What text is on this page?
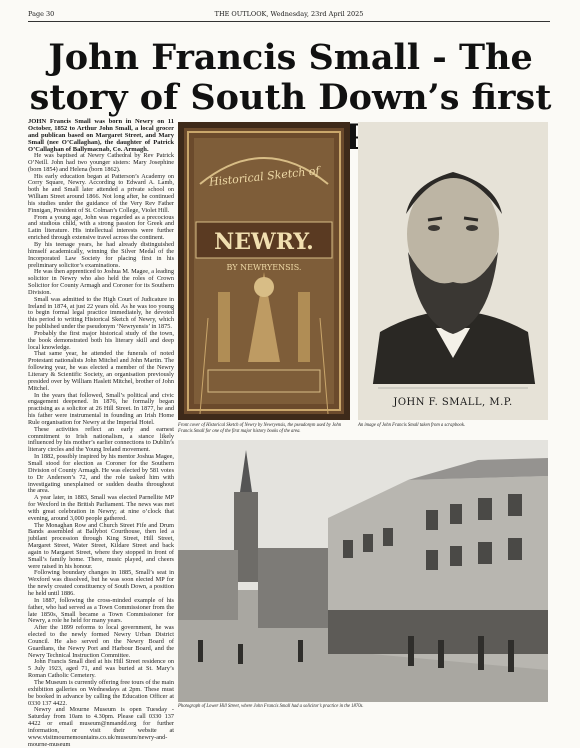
Page 30	THE OUTLOOK, Wednesday, 23rd April 2025
John Francis Small - The story of South Down’s first

JOHN Francis Small was born in Newry on 11 October, 1852 to Arthur John Small, a local grocer and publican based on Margaret Street, and Mary Small (nee O’Callaghan), the daughter of Patrick O’Callaghan of Ballymacnab, Co. Armagh.

He was baptised at Newry Cathedral by Rev Patrick O’Neill. John had two younger sisters: Mary Josephine (born 1854) and Helena (born 1862).

His early education began at Patterson’s Academy on Corry Square, Newry. According to Edward A. Lamb, both he and Small later attended a private school on William Street around 1866. Not long after, he continued his studies under the guidance of the Very Rev Father Finnigan, President of St. Colman’s College, Violet Hill.

From a young age, John was regarded as a precocious and studious child, with a strong passion for Greek and Latin literature. His intellectual interests were further enriched through extensive travel across the continent.

By his teenage years, he had already distinguished himself academically, winning the Silver Medal of the Incorporated Law Society for placing first in his preliminary solicitor’s examinations.

He was then apprenticed to Joshua M. Magee, a leading solicitor in Newry who also held the roles of Crown Solicitor for County Armagh and Coroner for its Southern Division.

Small was admitted to the High Court of Judicature in Ireland in 1874, at just 22 years old. As he was too young to begin formal legal practice immediately, he devoted this period to writing Historical Sketch of Newry, which he published under the pseudonym ‘Newryensis’ in 1875.

Probably the first major historical study of the town, the book demonstrated both his literary skill and deep local knowledge.

That same year, he attended the funerals of noted Protestant nationalists John Mitchel and John Martin. The following year, he was elected a member of the Newry Literary & Scientific Society, an organisation previously presided over by William Haslett Mitchel, brother of John Mitchel.

In the years that followed, Small’s political and civic engagement deepened. In 1876, he formally began practising as a solicitor at 26 Hill Street. In 1877, he and his father were instrumental in founding an Irish Home Rule organisation for Newry at the Imperial Hotel.

These activities reflect an early and earnest commitment to Irish nationalism, a stance likely influenced by his mother’s earlier connections to Dublin’s literary circles and the Young Ireland movement.

In 1882, possibly inspired by his mentor Joshua Magee, Small stood for election as Coroner for the Southern Division of County Armagh. He was elected by 581 votes to Dr Anderson’s 72, and the role tasked him with investigating unexplained or sudden deaths throughout the area.

A year later, in 1883, Small was elected Parnellite MP for Wexford in the British Parliament. The news was met with great celebration in Newry; at nine o’clock that evening, around 3,000 people gathered.

The Monaghan Row and Church Street Fife and Drum Bands assembled at Ballybot Courthouse, then led a jubilant procession through King Street, Hill Street, Margaret Street, Water Street, Kildare Street and back again to Margaret Street, where they stopped in front of Small’s family home. There, music played, and cheers were raised in his honour.

Following boundary changes in 1885, Small’s seat in Wexford was dissolved, but he was soon elected MP for the newly created constituency of South Down, a position he held until 1886.

In 1887, following the cross-minded example of his father, who had served as a Town Commissioner from the late 1850s, Small became a Town Commissioner for Newry, a role he held for many years.

After the 1899 reforms to local government, he was elected to the newly formed Newry Urban District Council. He also served on the Newry Board of Guardians, the Newry Port and Harbour Board, and the Newry Technical Instruction Committee.

John Francis Small died at his Hill Street residence on 5 July 1923, aged 71, and was buried at St. Mary’s Roman Catholic Cemetery.

The Museum is currently offering free tours of the main exhibition galleries on Wednesdays at 2pm. These must be booked in advance by calling the Education Officer at 0330 137 4422.

Newry and Mourne Museum is open Tuesday - Saturday from 10am to 4.30pm. Please call 0330 137 4422 or email museum@nmandd.org for further information, or visit their website at www.visitmournemountains.co.uk/museum/newry-and-mourne-museum

Historical Sketch of
NEWRY.
BY NEWRYENSIS.
Front cover of Historical Sketch of Newry by Newryensis, the pseudonym used by John Francis Small for one of the first major history books of the area.
JOHN F. SMALL, M.P.
An image of John Francis Small taken from a scrapbook.
Photograph of Lower Hill Street, where John Francis Small had a solicitor’s practice in the 1870s.
